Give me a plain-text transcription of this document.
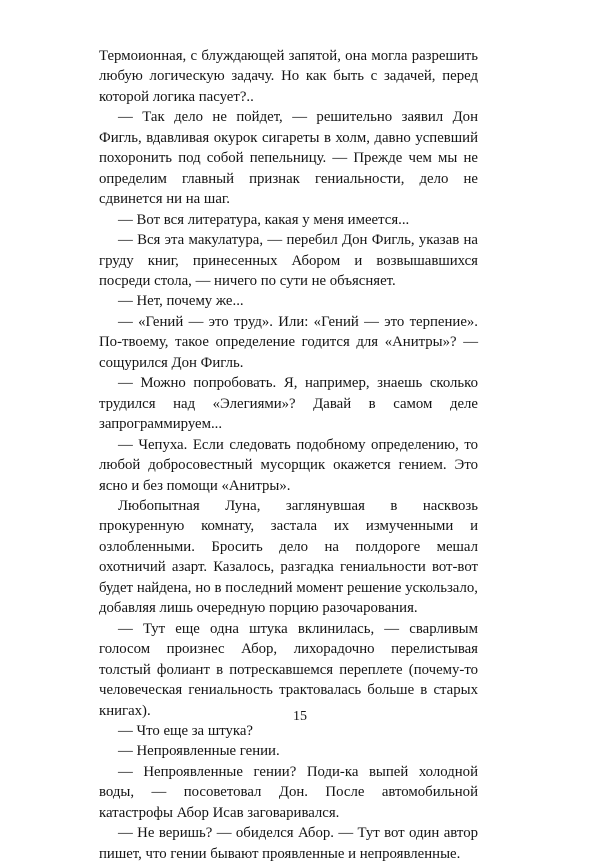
Термоионная, с блуждающей запятой, она могла разрешить любую логическую задачу. Но как быть с задачей, перед которой логика пасует?..

— Так дело не пойдет, — решительно заявил Дон Фигль, вдавливая окурок сигареты в холм, давно успевший похоронить под собой пепельницу. — Прежде чем мы не определим главный признак гениальности, дело не сдвинется ни на шаг.

— Вот вся литература, какая у меня имеется...

— Вся эта макулатура, — перебил Дон Фигль, указав на груду книг, принесенных Абором и возвышавшихся посреди стола, — ничего по сути не объясняет.

— Нет, почему же...

— «Гений — это труд». Или: «Гений — это терпение». По-твоему, такое определение годится для «Анитры»? — сощурился Дон Фигль.

— Можно попробовать. Я, например, знаешь сколько трудился над «Элегиями»? Давай в самом деле запрограммируем...

— Чепуха. Если следовать подобному определению, то любой добросовестный мусорщик окажется гением. Это ясно и без помощи «Анитры».

Любопытная Луна, заглянувшая в насквозь прокуренную комнату, застала их измученными и озлобленными. Бросить дело на полдороге мешал охотничий азарт. Казалось, разгадка гениальности вот-вот будет найдена, но в последний момент решение ускользало, добавляя лишь очередную порцию разочарования.

— Тут еще одна штука вклинилась, — сварливым голосом произнес Абор, лихорадочно перелистывая толстый фолиант в потрескавшемся переплете (почему-то человеческая гениальность трактовалась больше в старых книгах).

— Что еще за штука?

— Непроявленные гении.

— Непроявленные гении? Поди-ка выпей холодной воды, — посоветовал Дон. После автомобильной катастрофы Абор Исав заговаривался.

— Не веришь? — обиделся Абор. — Тут вот один автор пишет, что гении бывают проявленные и непроявленные.

15
